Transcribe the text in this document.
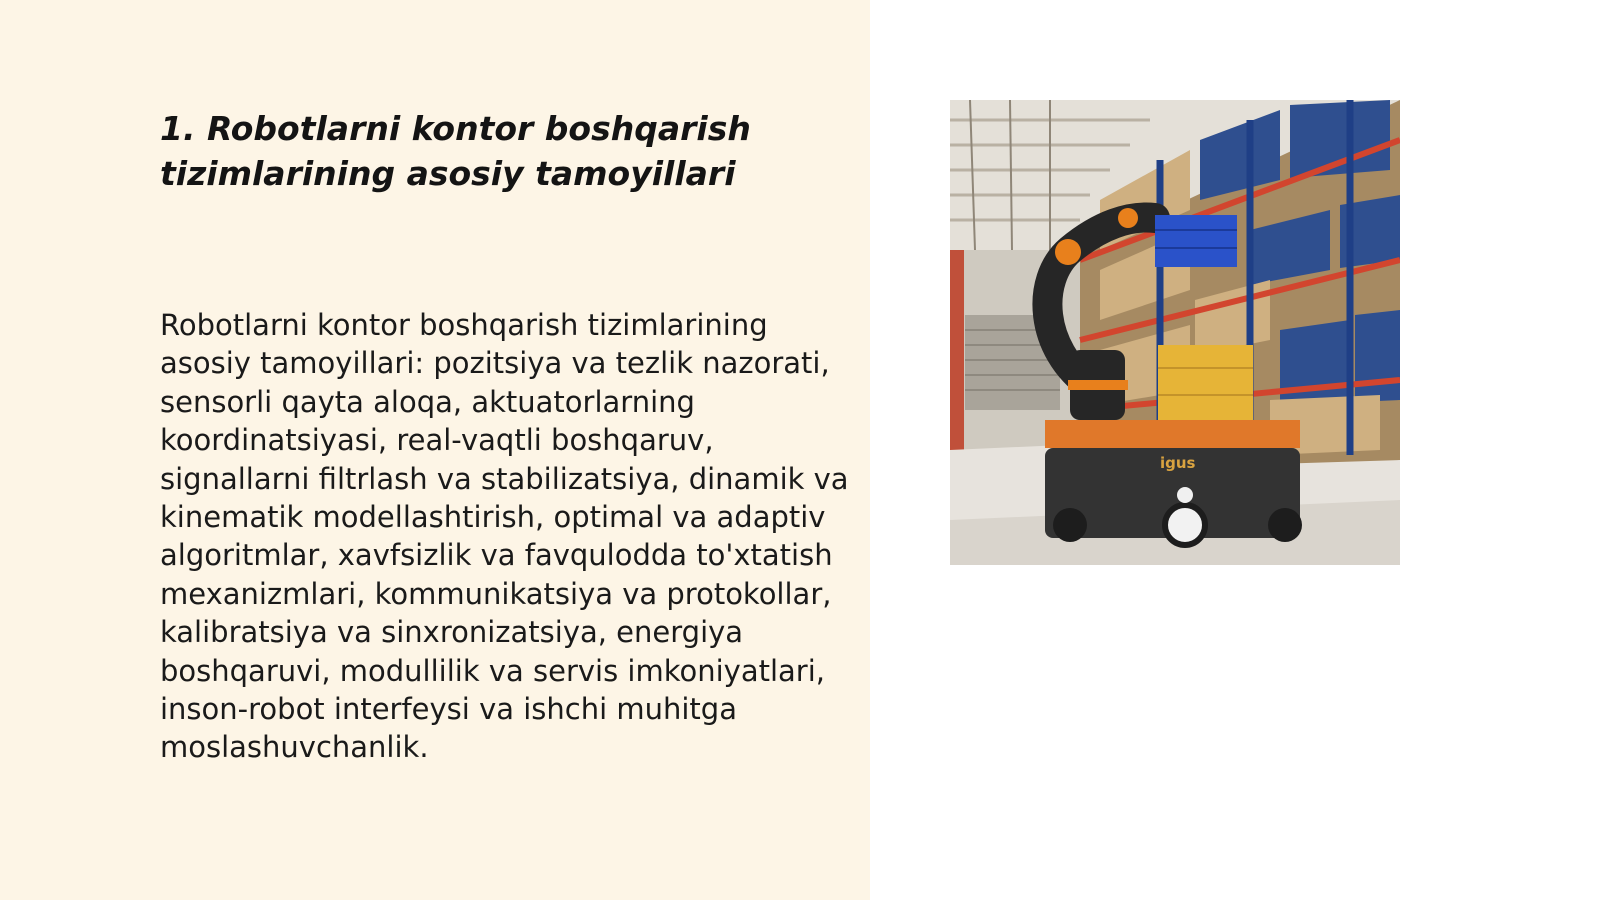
1. Robotlarni kontor boshqarish tizimlarining asosiy tamoyillari

Robotlarni kontor boshqarish tizimlarining asosiy tamoyillari: pozitsiya va tezlik nazorati, sensorli qayta aloqa, aktuatorlarning koordinatsiyasi, real-vaqtli boshqaruv, signallarni filtrlash va stabilizatsiya, dinamik va kinematik modellashtirish, optimal va adaptiv algoritmlar, xavfsizlik va favqulodda to'xtatish mexanizmlari, kommunikatsiya va protokollar, kalibratsiya va sinxronizatsiya, energiya boshqaruvi, modullilik va servis imkoniyatlari, inson-robot interfeysi va ishchi muhitga moslashuvchanlik.

igus
